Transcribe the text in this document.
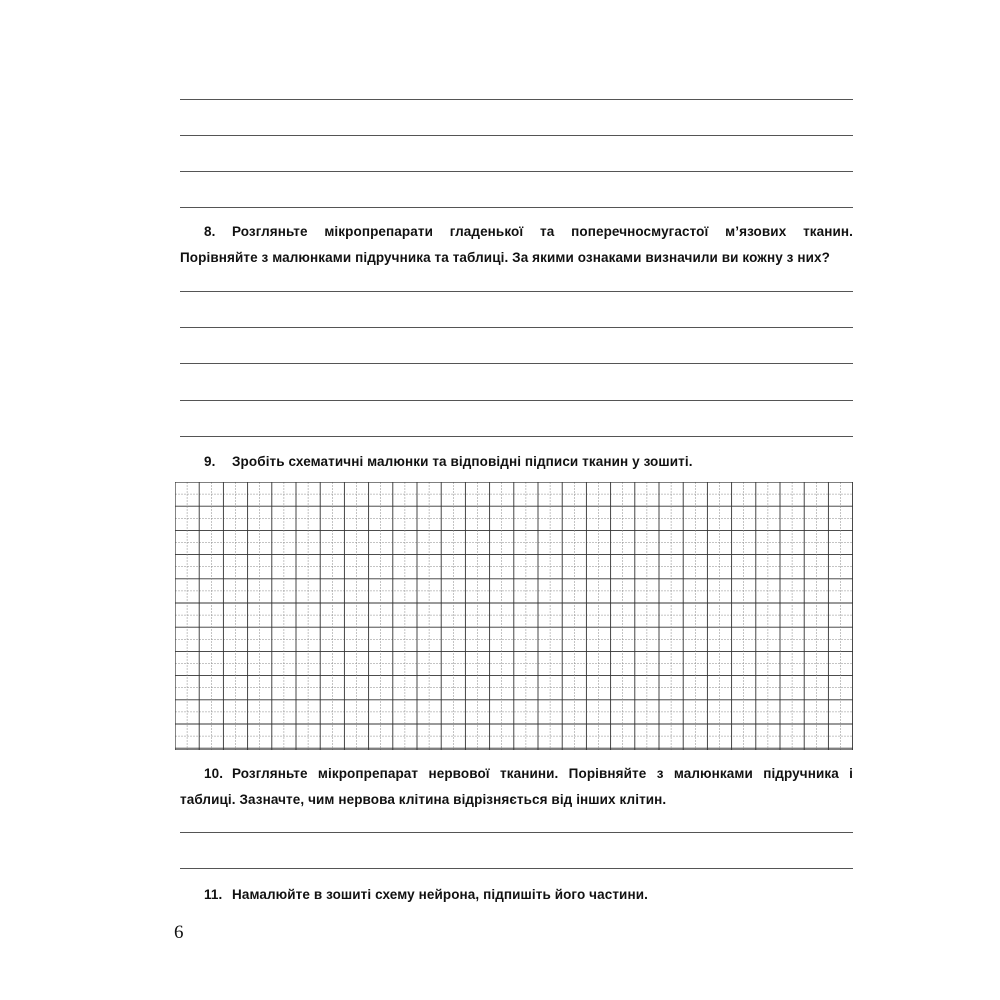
8. Розгляньте мікропрепарати гладенької та поперечносмугастої м’язових тканин. Порівняйте з малюнками підручника та таблиці. За якими ознаками визначили ви кожну з них?
9. Зробіть схематичні малюнки та відповідні підписи тканин у зошиті.
10. Розгляньте мікропрепарат нервової тканини. Порівняйте з малюнками підручника і таблиці. Зазначте, чим нервова клітина відрізняється від інших клітин.
11. Намалюйте в зошиті схему нейрона, підпишіть його частини.
6
